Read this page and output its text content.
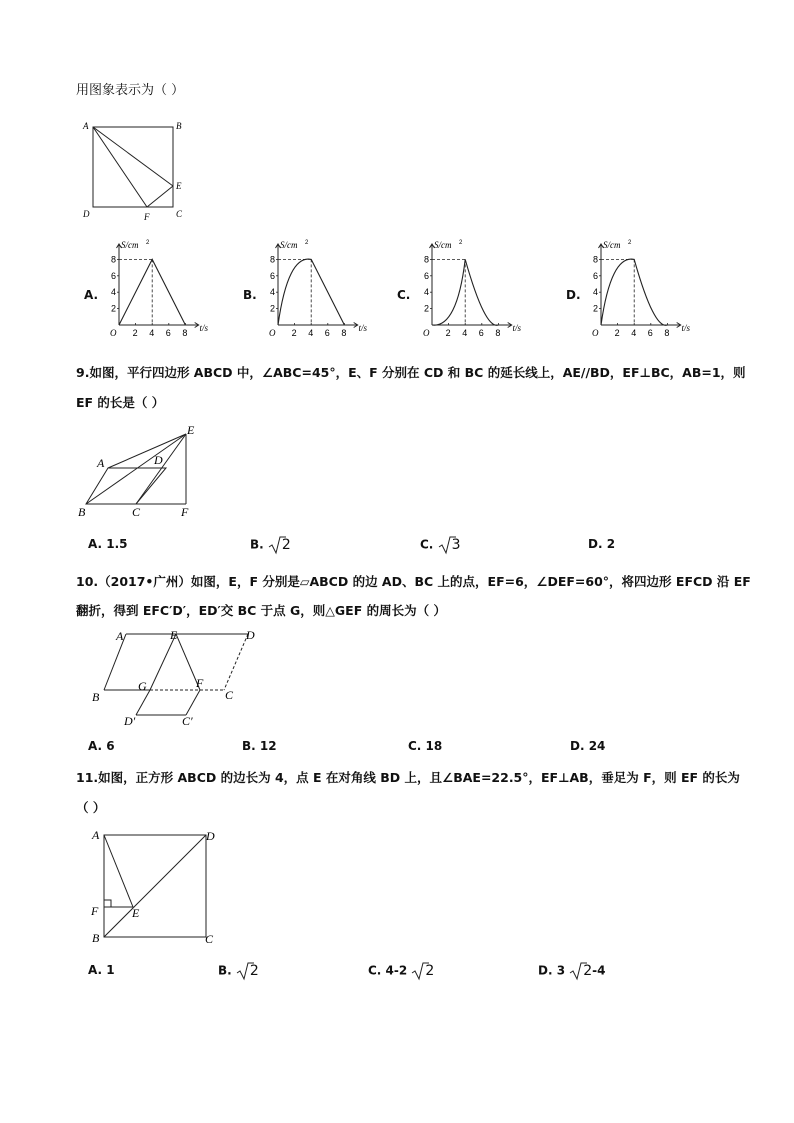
用图象表示为（ ）
A	B
C
D
E
F
A.
2
4
6
8
2 4 6 8
O
S/cm 2
t/s
B.
2
4
6
8
2 4 6 8
O
S/cm 2
t/s
C.
2
4
6
8
2 4 6 8
O
S/cm 2
t/s
D.
2
4
6
8
2 4 6 8
O
S/cm 2
t/s
9.如图，平行四边形 ABCD 中，∠ABC=45°，E、F 分别在 CD 和 BC 的延长线上，AE//BD，EF⊥BC，AB=1，则
EF 的长是（ ）
A	D
E
B	C	F
A. 1.5	B. 2	C. 3	D. 2
10.（2017•广州）如图，E，F 分别是▱ABCD 的边 AD、BC 上的点，EF=6，∠DEF=60°，将四边形 EFCD 沿 EF
翻折，得到 EFC′D′，ED′交 BC 于点 G，则△GEF 的周长为（ ）
A	E	D
B
G	F
C
D′	C′
A. 6	B. 12	C. 18	D. 24
11.如图，正方形 ABCD 的边长为 4，点 E 在对角线 BD 上，且∠BAE=22.5°，EF⊥AB，垂足为 F，则 EF 的长为
（ ）
A	D
F	E
B	C
A. 1	B. 2	C. 4-2 2	D. 3 2-4
